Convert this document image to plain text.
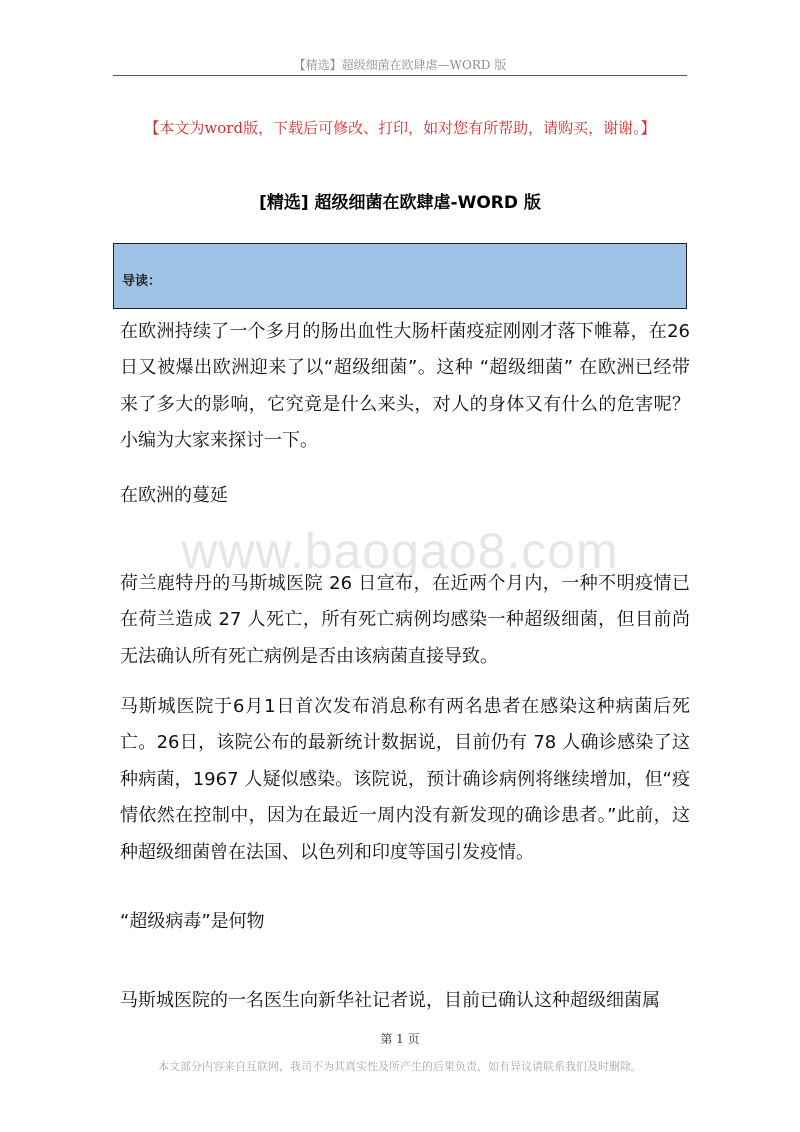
【精选】超级细菌在欧肆虐—WORD 版
【本文为word版，下载后可修改、打印，如对您有所帮助，请购买，谢谢。】
[精选] 超级细菌在欧肆虐-WORD 版
导读：
在欧洲持续了一个多月的肠出血性大肠杆菌疫症刚刚才落下帷幕，在26日又被爆出欧洲迎来了以“超级细菌”。这种 “超级细菌” 在欧洲已经带来了多大的影响，它究竟是什么来头，对人的身体又有什么的危害呢？小编为大家来探讨一下。
在欧洲的蔓延
www.baogao8.com
荷兰鹿特丹的马斯城医院 26 日宣布，在近两个月内，一种不明疫情已在荷兰造成 27 人死亡，所有死亡病例均感染一种超级细菌，但目前尚无法确认所有死亡病例是否由该病菌直接导致。
马斯城医院于6月1日首次发布消息称有两名患者在感染这种病菌后死亡。26日，该院公布的最新统计数据说，目前仍有 78 人确诊感染了这种病菌，1967 人疑似感染。该院说，预计确诊病例将继续增加，但“疫情依然在控制中，因为在最近一周内没有新发现的确诊患者。”此前，这种超级细菌曾在法国、以色列和印度等国引发疫情。
“超级病毒”是何物
马斯城医院的一名医生向新华社记者说，目前已确认这种超级细菌属
第 1 页
本文部分内容来自互联网，我司不为其真实性及所产生的后果负责，如有异议请联系我们及时删除。
